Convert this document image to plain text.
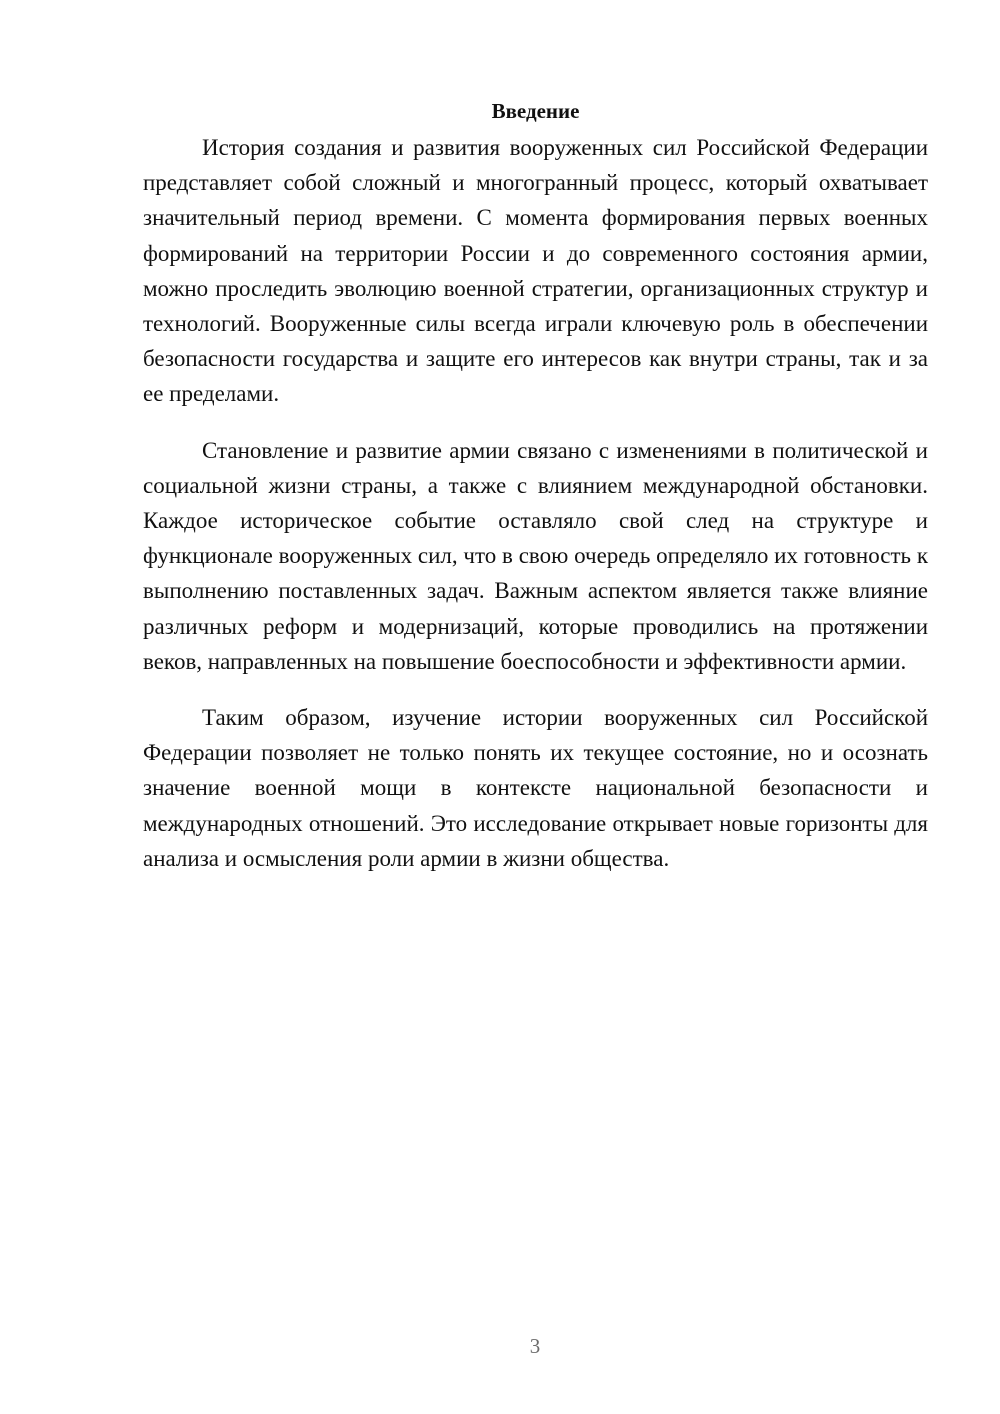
Введение

История создания и развития вооруженных сил Российской Федерации представляет собой сложный и многогранный процесс, который охватывает значительный период времени. С момента формирования первых военных формирований на территории России и до современного состояния армии, можно проследить эволюцию военной стратегии, организационных структур и технологий. Вооруженные силы всегда играли ключевую роль в обеспечении безопасности государства и защите его интересов как внутри страны, так и за ее пределами.

Становление и развитие армии связано с изменениями в политической и социальной жизни страны, а также с влиянием международной обстановки. Каждое историческое событие оставляло свой след на структуре и функционале вооруженных сил, что в свою очередь определяло их готовность к выполнению поставленных задач. Важным аспектом является также влияние различных реформ и модернизаций, которые проводились на протяжении веков, направленных на повышение боеспособности и эффективности армии.

Таким образом, изучение истории вооруженных сил Российской Федерации позволяет не только понять их текущее состояние, но и осознать значение военной мощи в контексте национальной безопасности и международных отношений. Это исследование открывает новые горизонты для анализа и осмысления роли армии в жизни общества.

3
